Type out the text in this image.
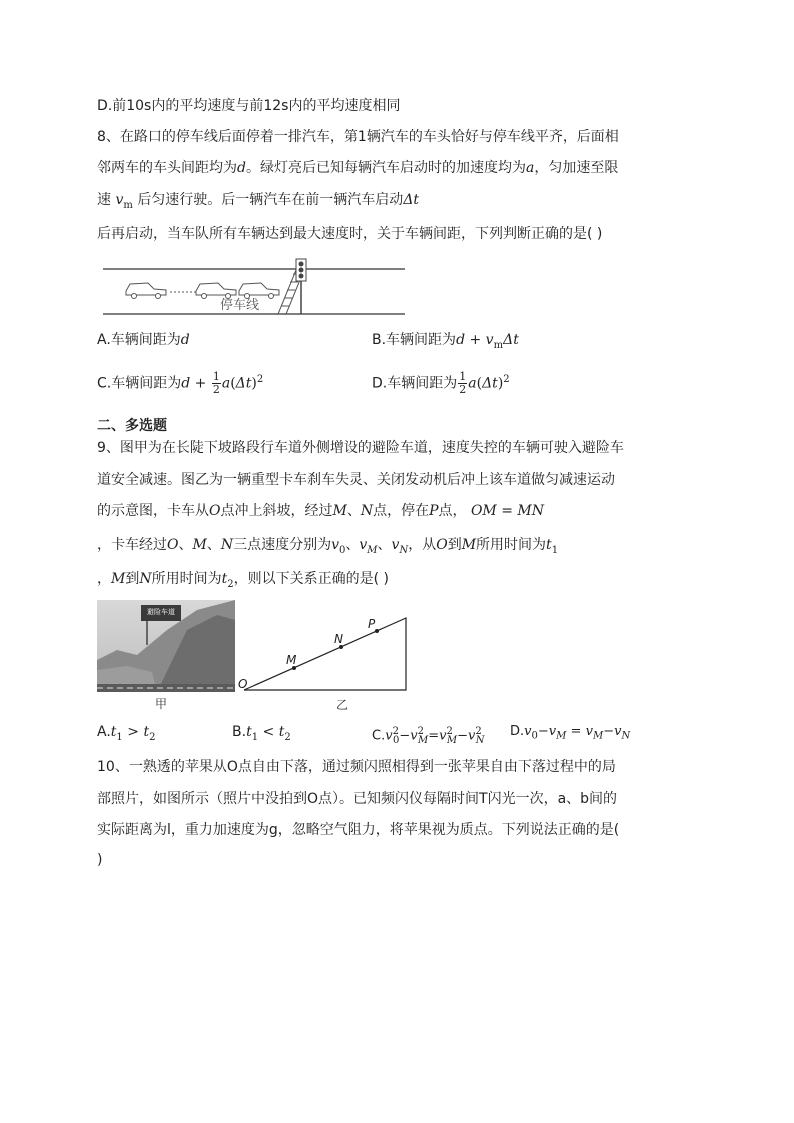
D.前10s内的平均速度与前12s内的平均速度相同
8、在路口的停车线后面停着一排汽车，第1辆汽车的车头恰好与停车线平齐，后面相
邻两车的车头间距均为d。绿灯亮后已知每辆汽车启动时的加速度均为a，匀加速至限
速 $v_m$ 后匀速行驶。后一辆汽车在前一辆汽车启动Δt
后再启动，当车队所有车辆达到最大速度时，关于车辆间距，下列判断正确的是( )
停车线
A.车辆间距为d	B.车辆间距为$d + v_m\Delta t$
C.车辆间距为$d + \frac{1}{2} a(\Delta t)^2$	D.车辆间距为 $\frac{1}{2} a(\Delta t)^2$
二、多选题
9、图甲为在长陡下坡路段行车道外侧增设的避险车道，速度失控的车辆可驶入避险车
道安全减速。图乙为一辆重型卡车刹车失灵、关闭发动机后冲上该车道做匀减速运动
的示意图，卡车从O点冲上斜坡，经过M、N点，停在P点， OM = MN
，卡车经过O、M、N三点速度分别为$v_0$、$v_M$、$v_N$，从O到M所用时间为$t_1$
，M到N所用时间为$t_2$，则以下关系正确的是( )
避险车道
甲
O
M
N
P
乙
$A.t_1 > t_2$	$B.t_1 < t_2$	$C.v^2_0-v^2_M=v^2_M-v^2_N$
$D.v_0-v_M = v_M-v_N$
10、一熟透的苹果从O点自由下落，通过频闪照相得到一张苹果自由下落过程中的局
部照片，如图所示（照片中没拍到O点）。已知频闪仪每隔时间T闪光一次，a、b间的
实际距离为l，重力加速度为g，忽略空气阻力，将苹果视为质点。下列说法正确的是(
)
